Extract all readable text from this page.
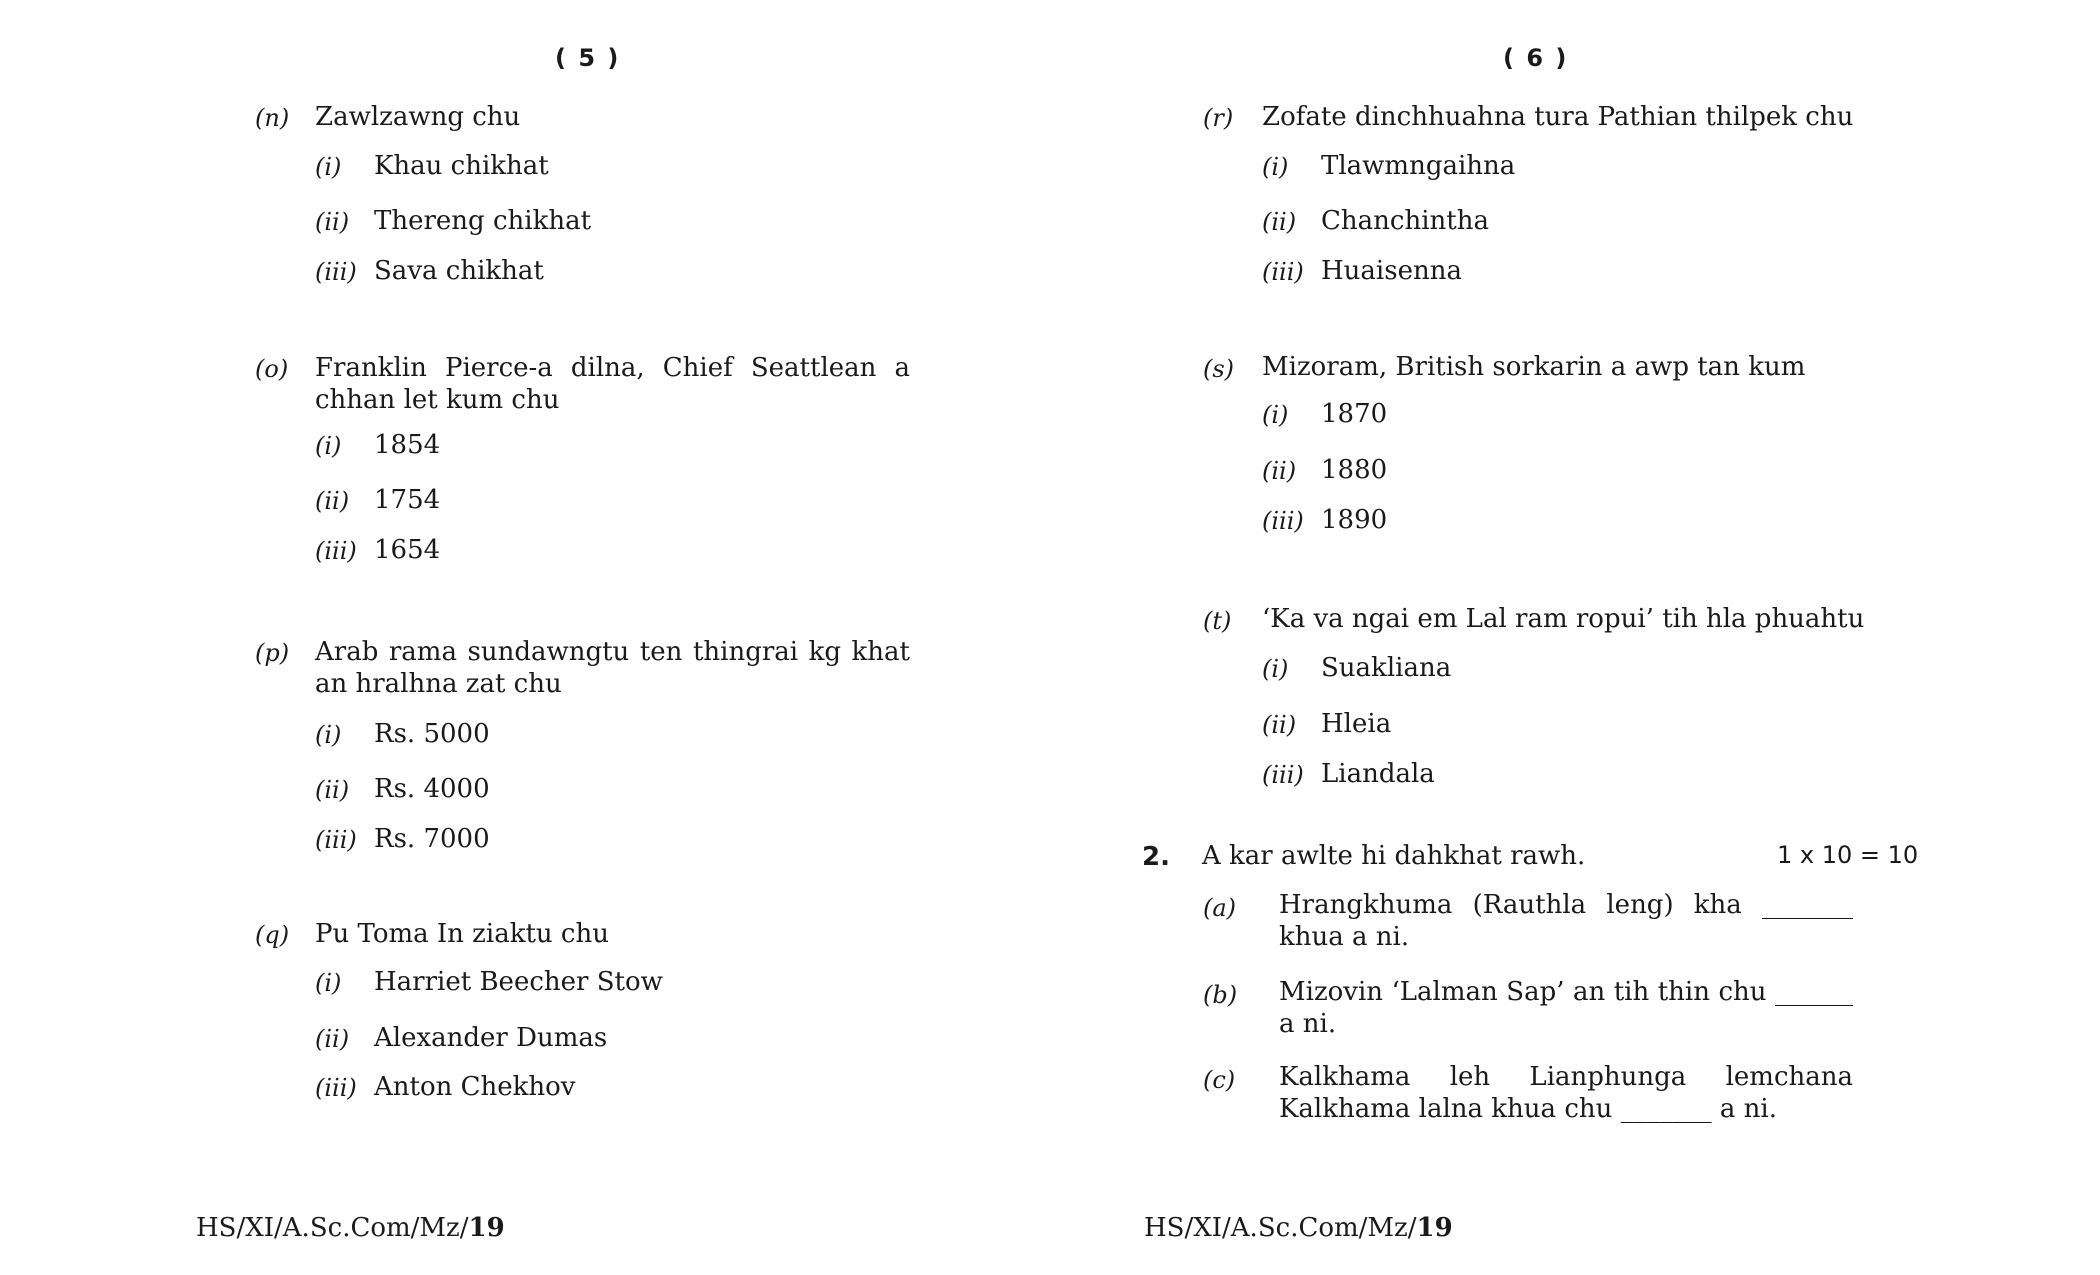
( 5 )
(n) Zawlzawng chu
(i) Khau chikhat
(ii) Thereng chikhat
(iii) Sava chikhat
(o) Franklin Pierce-a dilna, Chief Seattlean a chhan let kum chu
(i) 1854
(ii) 1754
(iii) 1654
(p) Arab rama sundawngtu ten thingrai kg khat an hralhna zat chu
(i) Rs. 5000
(ii) Rs. 4000
(iii) Rs. 7000
(q) Pu Toma In ziaktu chu
(i) Harriet Beecher Stow
(ii) Alexander Dumas
(iii) Anton Chekhov
HS/XI/A.Sc.Com/Mz/19
( 6 )
(r) Zofate dinchhuahna tura Pathian thilpek chu
(i) Tlawmngaihna
(ii) Chanchintha
(iii) Huaisenna
(s) Mizoram, British sorkarin a awp tan kum
(i) 1870
(ii) 1880
(iii) 1890
(t) ‘Ka va ngai em Lal ram ropui’ tih hla phuahtu
(i) Suakliana
(ii) Hleia
(iii) Liandala
2. A kar awlte hi dahkhat rawh.	1 x 10 = 10
(a) Hrangkhuma (Rauthla leng) kha _______ khua a ni.
(b) Mizovin ‘Lalman Sap’ an tih thin chu ______ a ni.
(c) Kalkhama leh Lianphunga lemchana Kalkhama lalna khua chu _______ a ni.
HS/XI/A.Sc.Com/Mz/19
